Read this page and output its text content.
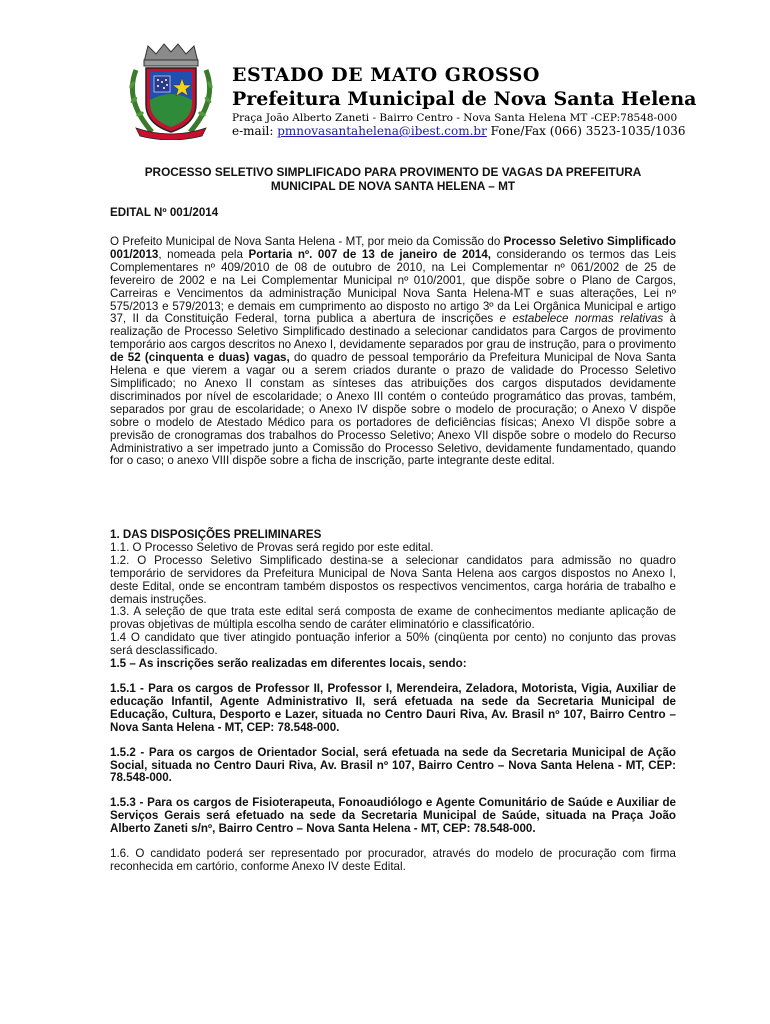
ESTADO DE MATO GROSSO
Prefeitura Municipal de Nova Santa Helena
Praça João Alberto Zaneti - Bairro Centro - Nova Santa Helena MT -CEP:78548-000
e-mail: pmnovasantahelena@ibest.com.br Fone/Fax (066) 3523-1035/1036
PROCESSO SELETIVO SIMPLIFICADO PARA PROVIMENTO DE VAGAS DA PREFEITURA
MUNICIPAL DE NOVA SANTA HELENA – MT
EDITAL Nº 001/2014
O Prefeito Municipal de Nova Santa Helena - MT, por meio da Comissão do Processo Seletivo Simplificado 001/2013, nomeada pela Portaria nº. 007 de 13 de janeiro de 2014, considerando os termos das Leis Complementares nº 409/2010 de 08 de outubro de 2010, na Lei Complementar nº 061/2002 de 25 de fevereiro de 2002 e na Lei Complementar Municipal nº 010/2001, que dispõe sobre o Plano de Cargos, Carreiras e Vencimentos da administração Municipal Nova Santa Helena-MT e suas alterações, Lei nº 575/2013 e 579/2013; e demais em cumprimento ao disposto no artigo 3º da Lei Orgânica Municipal e artigo 37, II da Constituição Federal, torna publica a abertura de inscrições e estabelece normas relativas à realização de Processo Seletivo Simplificado destinado a selecionar candidatos para Cargos de provimento temporário aos cargos descritos no Anexo I, devidamente separados por grau de instrução, para o provimento de 52 (cinquenta e duas) vagas, do quadro de pessoal temporário da Prefeitura Municipal de Nova Santa Helena e que vierem a vagar ou a serem criados durante o prazo de validade do Processo Seletivo Simplificado; no Anexo II constam as sínteses das atribuições dos cargos disputados devidamente discriminados por nível de escolaridade; o Anexo III contém o conteúdo programático das provas, também, separados por grau de escolaridade; o Anexo IV dispõe sobre o modelo de procuração; o Anexo V dispõe sobre o modelo de Atestado Médico para os portadores de deficiências físicas; Anexo VI dispõe sobre a previsão de cronogramas dos trabalhos do Processo Seletivo; Anexo VII dispõe sobre o modelo do Recurso Administrativo a ser impetrado junto a Comissão do Processo Seletivo, devidamente fundamentado, quando for o caso; o anexo VIII dispõe sobre a ficha de inscrição, parte integrante deste edital.

1. DAS DISPOSIÇÕES PRELIMINARES

1.1. O Processo Seletivo de Provas será regido por este edital.

1.2. O Processo Seletivo Simplificado destina-se a selecionar candidatos para admissão no quadro temporário de servidores da Prefeitura Municipal de Nova Santa Helena aos cargos dispostos no Anexo I, deste Edital, onde se encontram também dispostos os respectivos vencimentos, carga horária de trabalho e demais instruções.

1.3. A seleção de que trata este edital será composta de exame de conhecimentos mediante aplicação de provas objetivas de múltipla escolha sendo de caráter eliminatório e classificatório.

1.4 O candidato que tiver atingido pontuação inferior a 50% (cinqüenta por cento) no conjunto das provas será desclassificado.

1.5 – As inscrições serão realizadas em diferentes locais, sendo:

1.5.1 - Para os cargos de Professor II, Professor I, Merendeira, Zeladora, Motorista, Vigia, Auxiliar de educação Infantil, Agente Administrativo II, será efetuada na sede da Secretaria Municipal de Educação, Cultura, Desporto e Lazer, situada no Centro Dauri Riva, Av. Brasil nº 107, Bairro Centro – Nova Santa Helena - MT, CEP: 78.548-000.

1.5.2 - Para os cargos de Orientador Social, será efetuada na sede da Secretaria Municipal de Ação Social, situada no Centro Dauri Riva, Av. Brasil nº 107, Bairro Centro – Nova Santa Helena - MT, CEP: 78.548-000.

1.5.3 - Para os cargos de Fisioterapeuta, Fonoaudiólogo e Agente Comunitário de Saúde e Auxiliar de Serviços Gerais será efetuado na sede da Secretaria Municipal de Saúde, situada na Praça João Alberto Zaneti s/nº, Bairro Centro – Nova Santa Helena - MT, CEP: 78.548-000.

1.6. O candidato poderá ser representado por procurador, através do modelo de procuração com firma reconhecida em cartório, conforme Anexo IV deste Edital.
